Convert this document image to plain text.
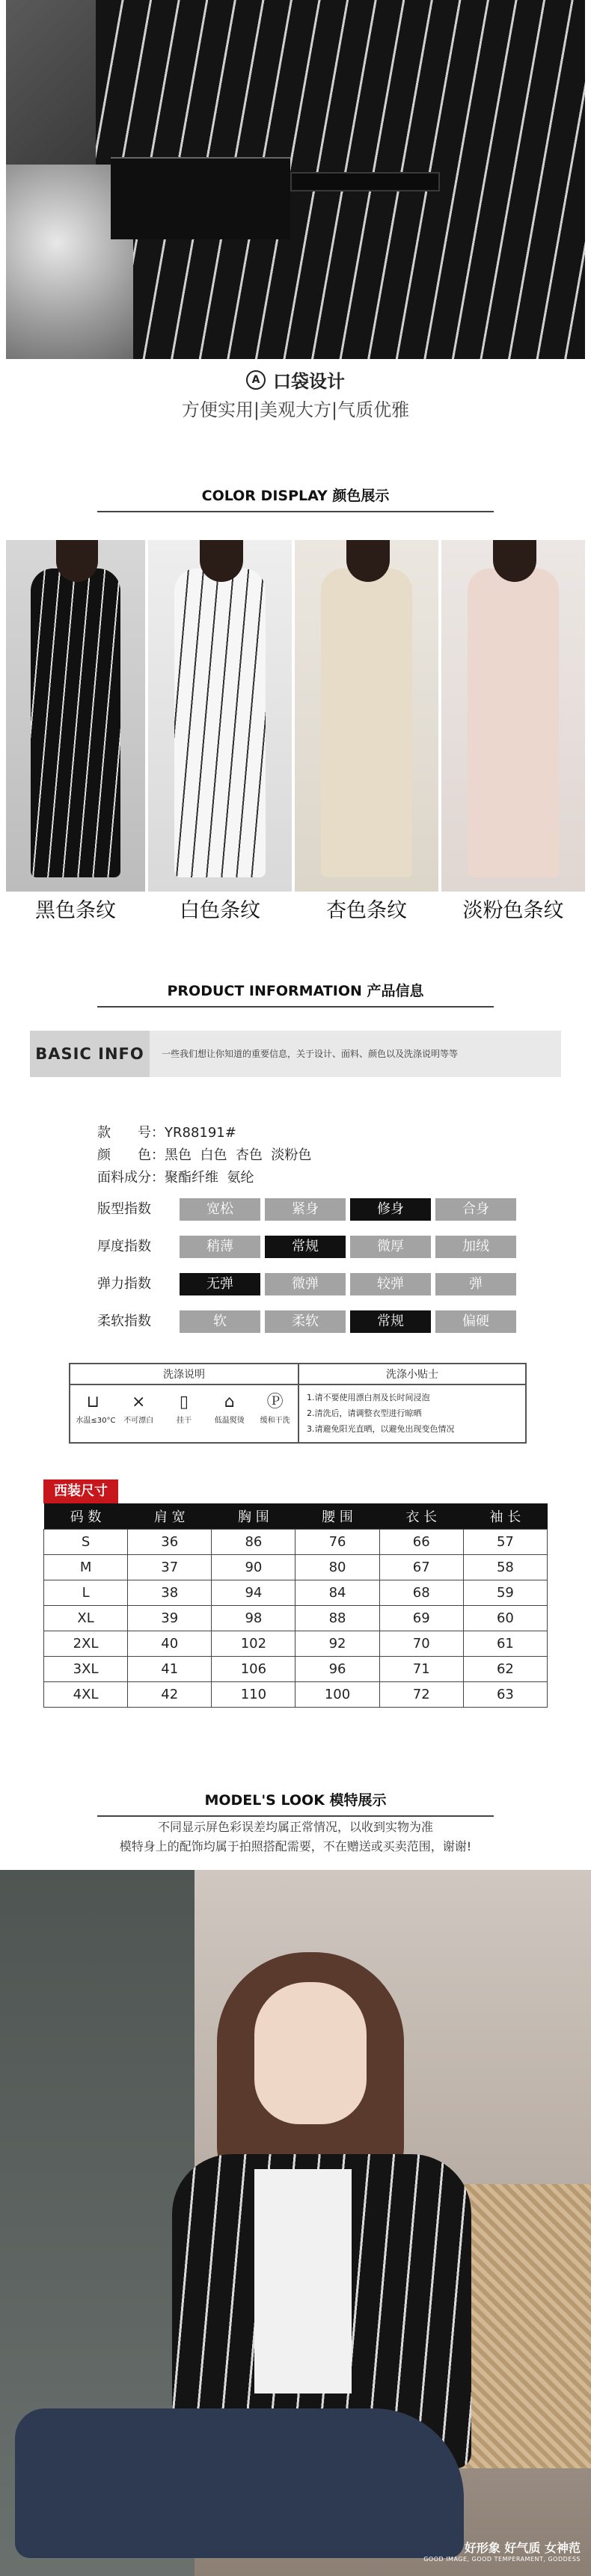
A 口袋设计
方便实用|美观大方|气质优雅
COLOR DISPLAY 颜色展示
黑色条纹	白色条纹	杏色条纹	淡粉色条纹
PRODUCT INFORMATION 产品信息
BASIC INFO	一些我们想让你知道的重要信息，关于设计、面料、颜色以及洗涤说明等等
款　　号：YR88191#
颜　　色：黑色  白色  杏色  淡粉色
面料成分：聚酯纤维  氨纶
版型指数	宽松	紧身	修身	合身
厚度指数	稍薄	常规	微厚	加绒
弹力指数	无弹	微弹	较弹	弹
柔软指数	软	柔软	常规	偏硬
洗涤说明
⊔
水温≤30°C
⨯
不可漂白
▯
挂干
⌂
低温熨烫
Ⓟ
缓和干洗
洗涤小贴士
1.请不要使用漂白剂及长时间浸泡
2.清洗后，请调整衣型进行晾晒
3.请避免阳光直晒，以避免出现变色情况
西装尺寸
码 数	肩 宽	胸 围	腰 围	衣 长	袖 长
S	36	86	76	66	57
M	37	90	80	67	58
L	38	94	84	68	59
XL	39	98	88	69	60
2XL	40	102	92	70	61
3XL	41	106	96	71	62
4XL	42	110	100	72	63
MODEL'S LOOK 模特展示
不同显示屏色彩误差均属正常情况，以收到实物为准
模特身上的配饰均属于拍照搭配需要，不在赠送或买卖范围，谢谢!
好形象 好气质 女神范
GOOD IMAGE, GOOD TEMPERAMENT, GODDESS
